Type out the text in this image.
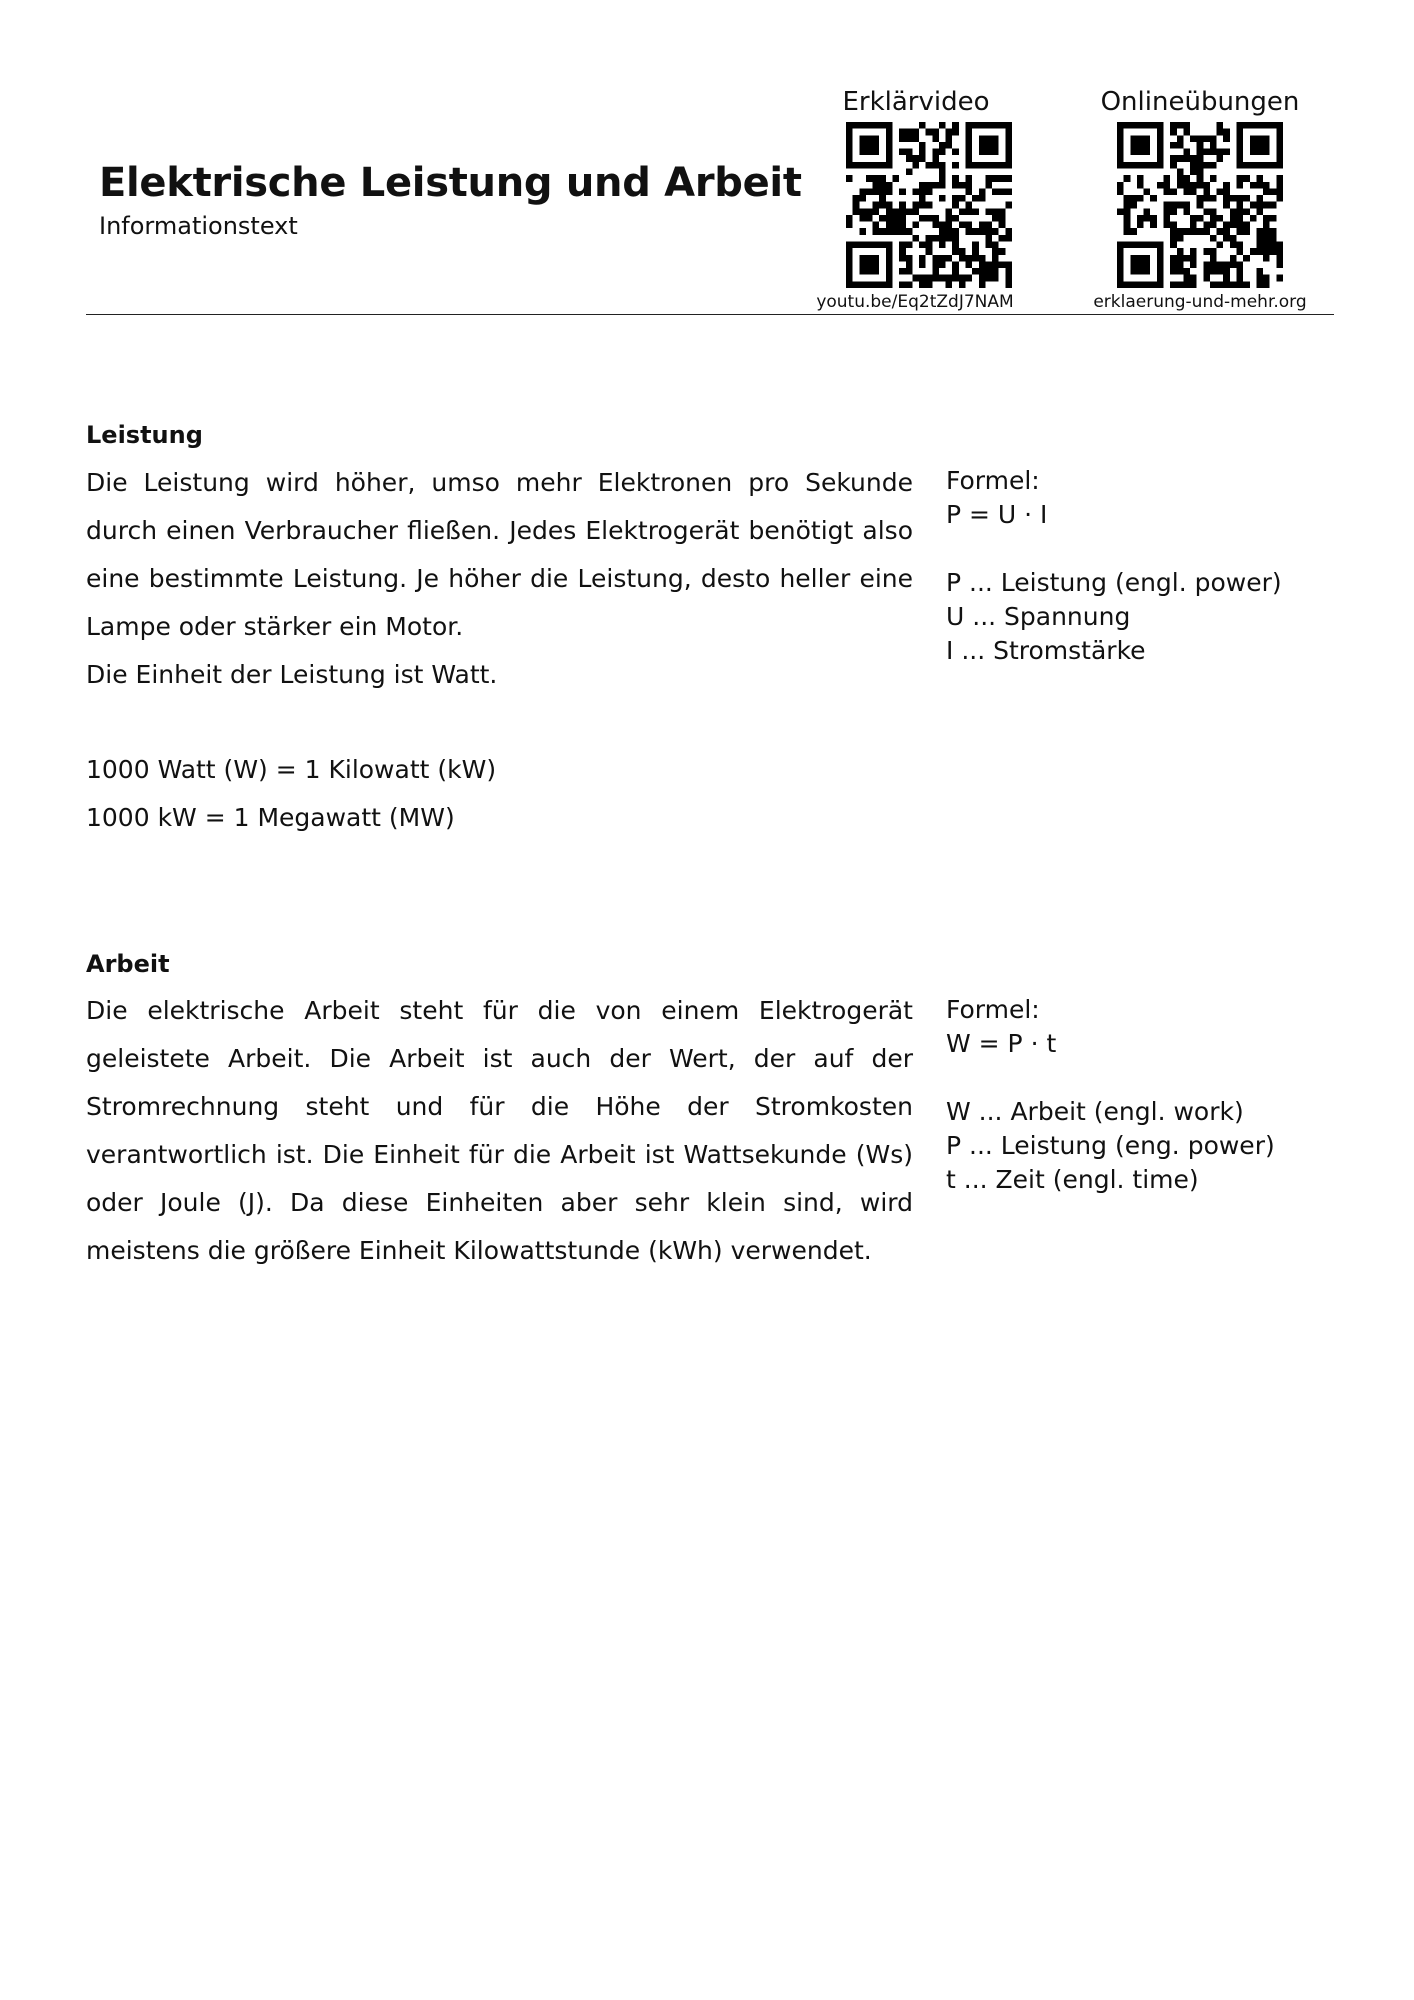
Elektrische Leistung und Arbeit
Informationstext
Erklärvideo
youtu.be/Eq2tZdJ7NAM
Onlineübungen
erklaerung-und-mehr.org
Leistung

Die Leistung wird höher, umso mehr Elektronen pro Sekunde durch einen Verbraucher fließen. Jedes Elektrogerät benötigt also eine bestimmte Leistung. Je höher die Leistung, desto heller eine Lampe oder stärker ein Motor.

Die Einheit der Leistung ist Watt.

1000 Watt (W) = 1 Kilowatt (kW)
1000 kW = 1 Megawatt (MW)
Formel:
P = U · I
P ... Leistung (engl. power)
U ... Spannung
I ... Stromstärke
Arbeit

Die elektrische Arbeit steht für die von einem Elektrogerät geleistete Arbeit. Die Arbeit ist auch der Wert, der auf der Stromrechnung steht und für die Höhe der Stromkosten verantwortlich ist. Die Einheit für die Arbeit ist Wattsekunde (Ws) oder Joule (J). Da diese Einheiten aber sehr klein sind, wird meistens die größere Einheit Kilowattstunde (kWh) verwendet.

Formel:
W = P · t
W ... Arbeit (engl. work)
P ... Leistung (eng. power)
t ... Zeit (engl. time)
